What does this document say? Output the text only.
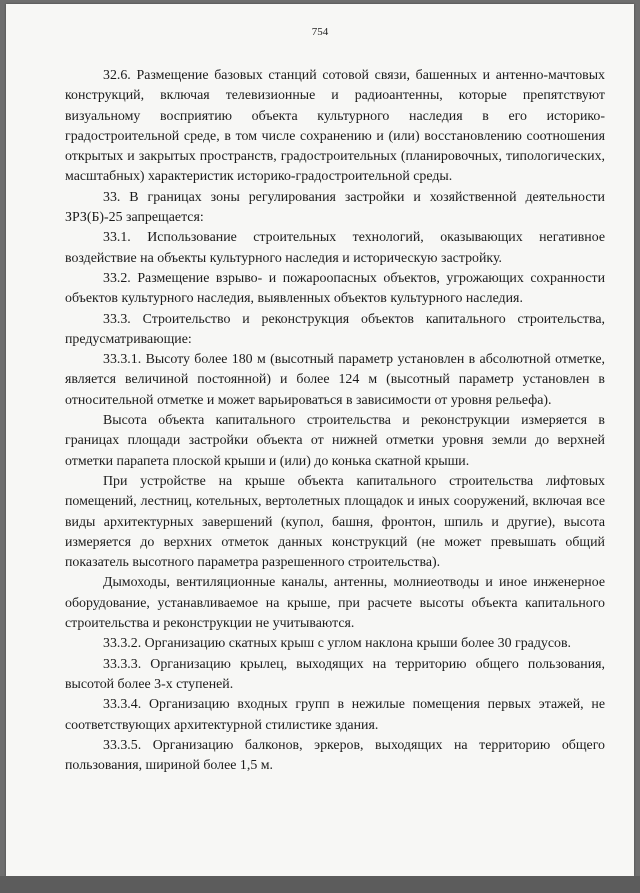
754

32.6. Размещение базовых станций сотовой связи, башенных и антенно-мачтовых конструкций, включая телевизионные и радиоантенны, которые препятствуют визуальному восприятию объекта культурного наследия в его историко-градостроительной среде, в том числе сохранению и (или) восстановлению соотношения открытых и закрытых пространств, градостроительных (планировочных, типологических, масштабных) характеристик историко-градостроительной среды.

33. В границах зоны регулирования застройки и хозяйственной деятельности ЗРЗ(Б)-25 запрещается:

33.1. Использование строительных технологий, оказывающих негативное воздействие на объекты культурного наследия и историческую застройку.

33.2. Размещение взрыво- и пожароопасных объектов, угрожающих сохранности объектов культурного наследия, выявленных объектов культурного наследия.

33.3. Строительство и реконструкция объектов капитального строительства, предусматривающие:

33.3.1. Высоту более 180 м (высотный параметр установлен в абсолютной отметке, является величиной постоянной) и более 124 м (высотный параметр установлен в относительной отметке и может варьироваться в зависимости от уровня рельефа).

Высота объекта капитального строительства и реконструкции измеряется в границах площади застройки объекта от нижней отметки уровня земли до верхней отметки парапета плоской крыши и (или) до конька скатной крыши.

При устройстве на крыше объекта капитального строительства лифтовых помещений, лестниц, котельных, вертолетных площадок и иных сооружений, включая все виды архитектурных завершений (купол, башня, фронтон, шпиль и другие), высота измеряется до верхних отметок данных конструкций (не может превышать общий показатель высотного параметра разрешенного строительства).

Дымоходы, вентиляционные каналы, антенны, молниеотводы и иное инженерное оборудование, устанавливаемое на крыше, при расчете высоты объекта капитального строительства и реконструкции не учитываются.

33.3.2. Организацию скатных крыш с углом наклона крыши более 30 градусов.

33.3.3. Организацию крылец, выходящих на территорию общего пользования, высотой более 3-х ступеней.

33.3.4. Организацию входных групп в нежилые помещения первых этажей, не соответствующих архитектурной стилистике здания.

33.3.5. Организацию балконов, эркеров, выходящих на территорию общего пользования, шириной более 1,5 м.
